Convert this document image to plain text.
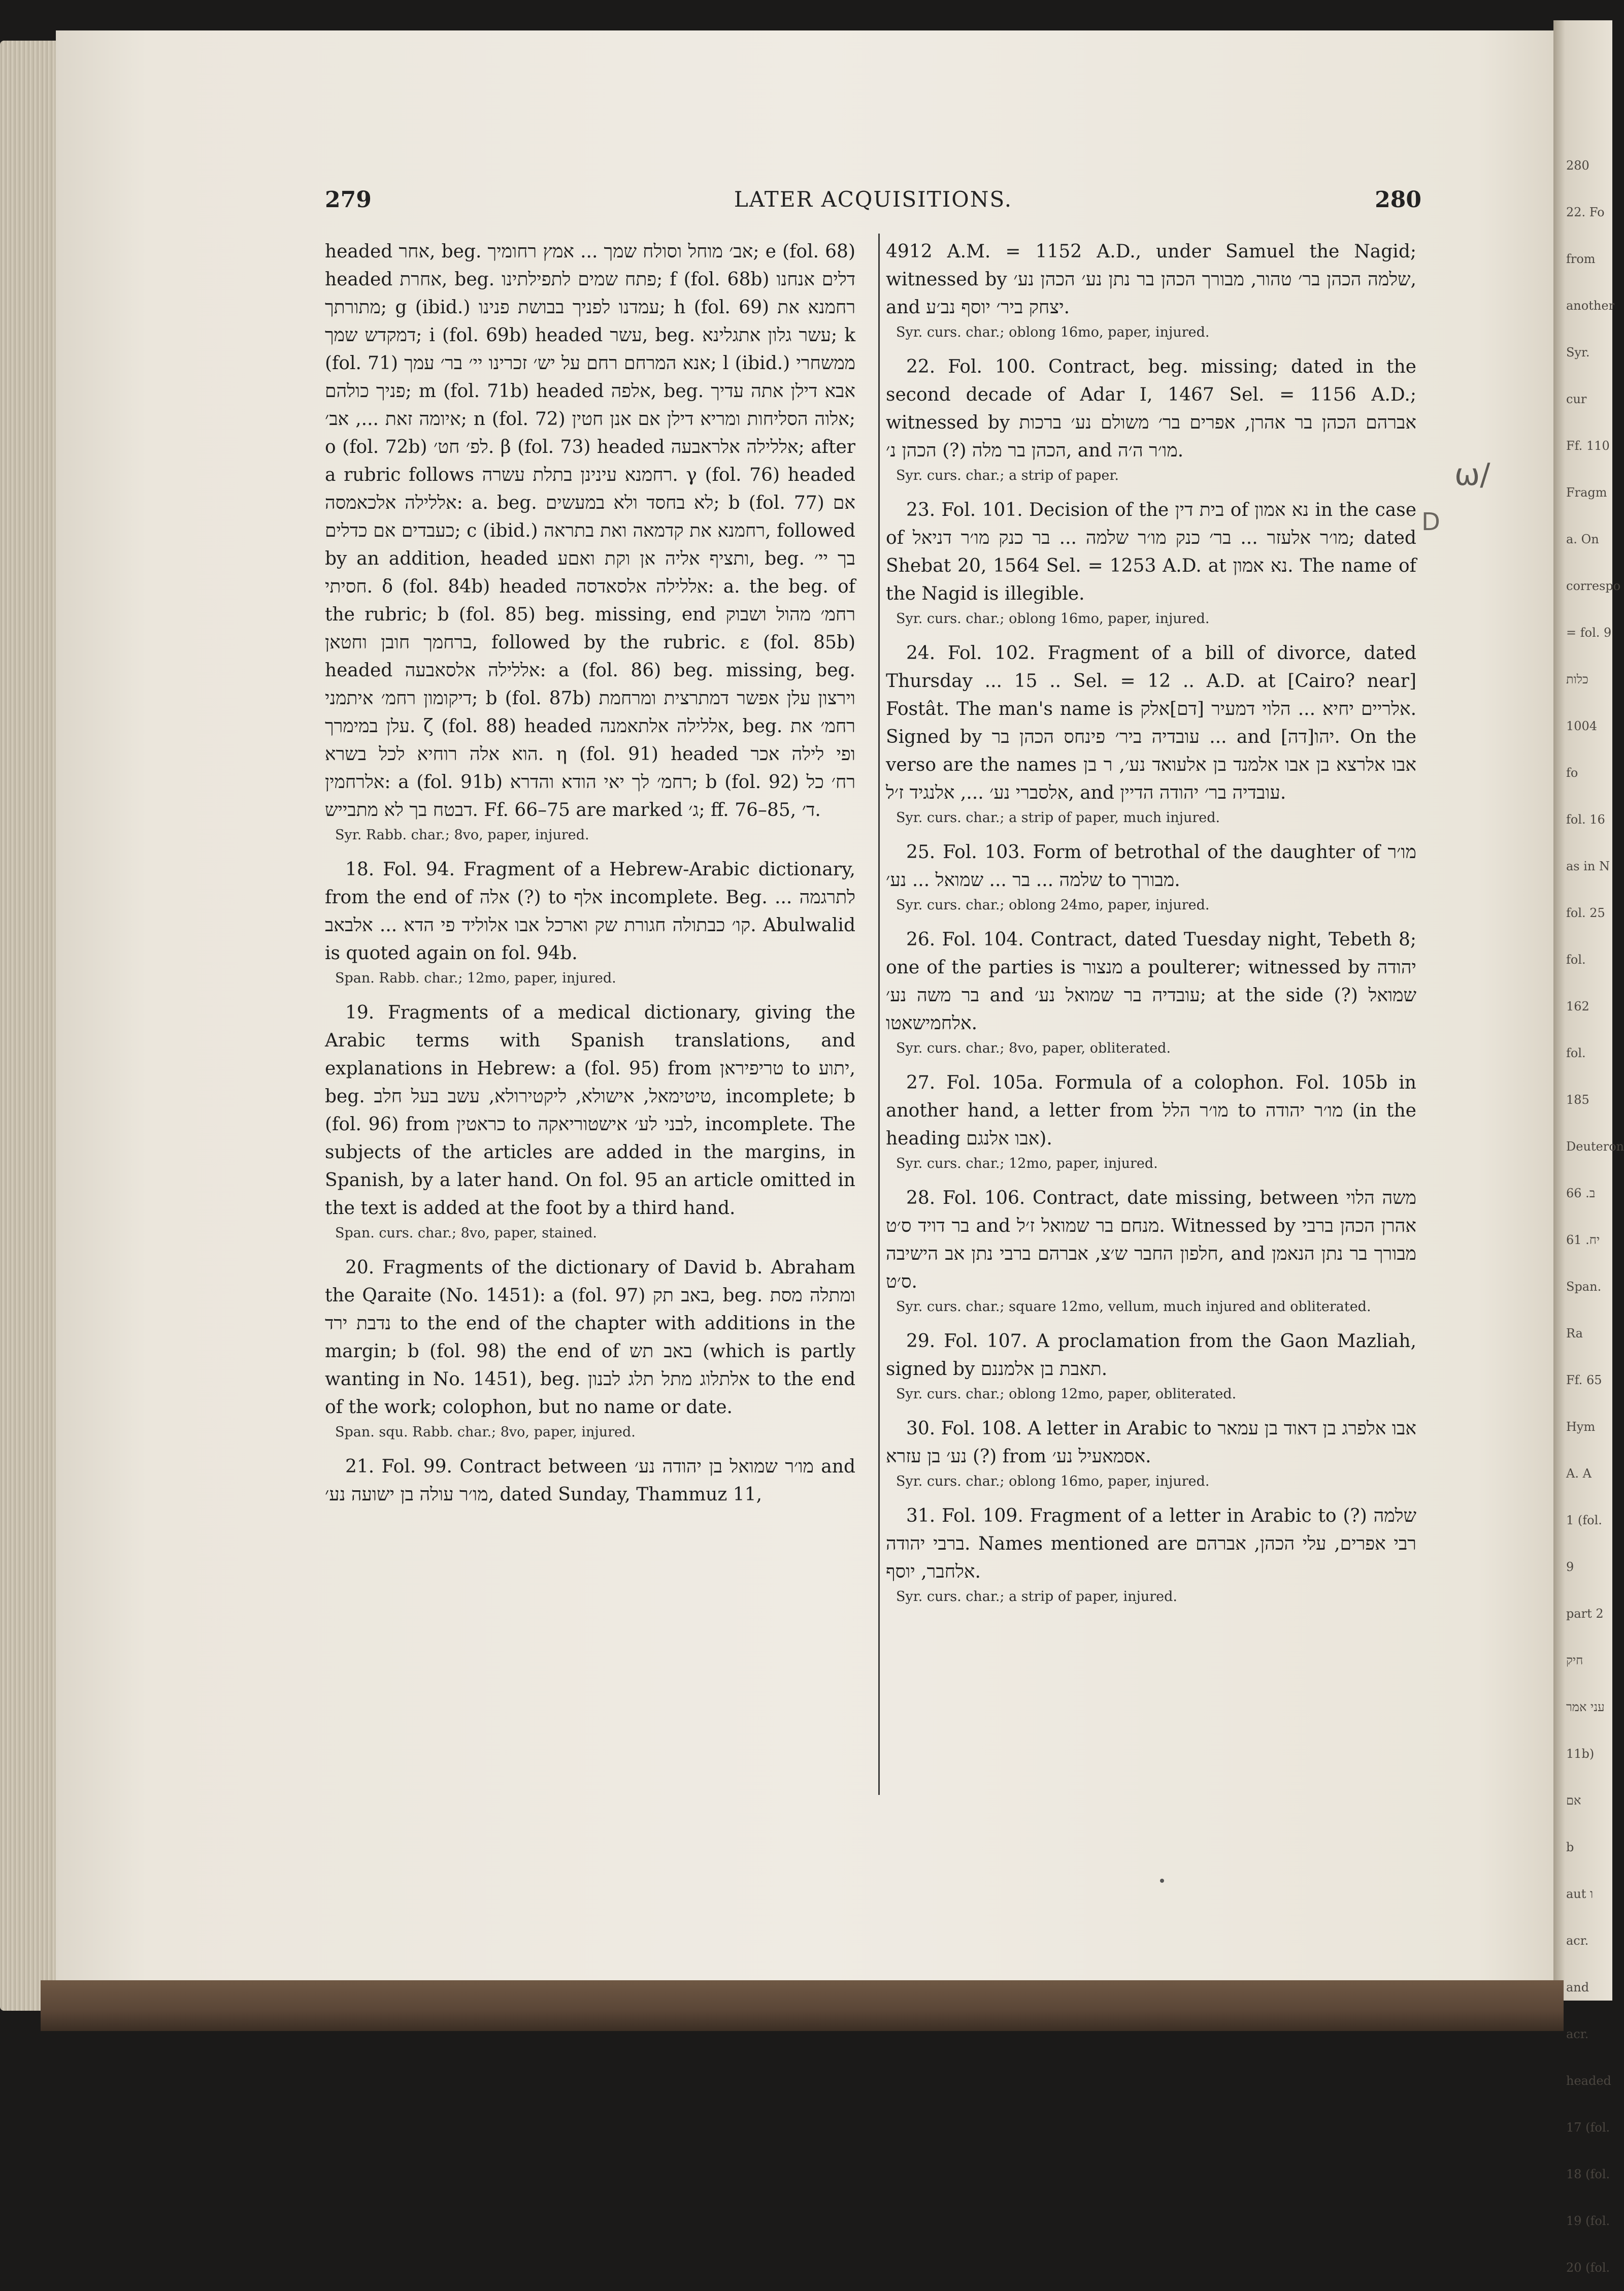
280
22. Fo
from
another
Syr. cur
Ff. 110
Fragm
a. On
correspo
= fol. 9
כלות
1004 fo
fol. 16
as in N
fol. 25
fol. 162
fol. 185
Deuteron
ב. 66
יח. 61
Span. Ra
Ff. 65
Hym
A. A
1 (fol. 9
part 2
חיק
עני אמר
11b) אם
b
aut ו
acr.
and
acr.
headed
17 (fol.
18 (fol.
19 (fol.
20 (fol.
LATER ACQUISITIONS.
279	280

headed אחר, beg. אב׳ מוחל וסולח שמך ... אמץ רחומיך; e (fol. 68) headed אחרת, beg. פתח שמים לתפילתינו; f (fol. 68b) דלים אנחנו מתורתך; g (ibid.) עמדנו לפניך בבושת פנינו; h (fol. 69) רחמנא את דמקדש שמך; i (fol. 69b) headed עשר, beg. עשר גלון אתגלינא; k (fol. 71) אנא המרחם רחם על יש׳ זכרינו יי׳ בר׳ עמך; l (ibid.) ממשחרי פניך כולהם; m (fol. 71b) headed אלפה, beg. אבא דילן אתה עדיך איומה זאת ..., אב׳; n (fol. 72) אלוה הסליחות ומריא דילן אם אנן חטין; o (fol. 72b) לפ׳ חט׳. β (fol. 73) headed אללילה אלראבעה; after a rubric follows רחמנא עינינן בתלת עשרה. γ (fol. 76) headed אללילה אלכאמסה: a. beg. לא בחסד ולא במעשים; b (fol. 77) אם כעבדים אם כדלים; c (ibid.) רחמנא את קדמאה ואת בתראה, followed by an addition, headed ותציף אליה אן וקת ואםע, beg. בך יי׳ חסיתי. δ (fol. 84b) headed אללילה אלסאדסה: a. the beg. of the rubric; b (fol. 85) beg. missing, end רחמ׳ מהול ושבוק ברחמך חובן וחטאן, followed by the rubric. ε (fol. 85b) headed אללילה אלסאבעה: a (fol. 86) beg. missing, beg. דיקומון רחמ׳ איתמני; b (fol. 87b) וירצון עלן אפשר דמתרצית ומרחמת עלן במימרך. ζ (fol. 88) headed אללילה אלתאמנה, beg. רחמ׳ את הוא אלה רוחיא לכל בשרא. η (fol. 91) headed ופי לילה אכר אלרחמין: a (fol. 91b) רחמ׳ לך יאי הודא והדרא; b (fol. 92) רח׳ כל דבטח בך לא מתבייש. Ff. 66–75 are marked ג׳; ff. 76–85, ד׳.

Syr. Rabb. char.; 8vo, paper, injured.

18. Fol. 94. Fragment of a Hebrew-Arabic dictionary, from the end of אלה (?) to אלף incomplete. Beg. ... לתרגמה קו׳ כבתולה חגורת שק וארכל אבו אלוליד פי הדא ... אלבאב. Abulwalid is quoted again on fol. 94b.

Span. Rabb. char.; 12mo, paper, injured.

19. Fragments of a medical dictionary, giving the Arabic terms with Spanish translations, and explanations in Hebrew: a (fol. 95) from טריפיראן to יתוע, beg. טיטימאל, אישולא, ליקטירולא, עשב בעל חלב, incomplete; b (fol. 96) from כראטין to לבני לע׳ אישטוריאקה, incomplete. The subjects of the articles are added in the margins, in Spanish, by a later hand. On fol. 95 an article omitted in the text is added at the foot by a third hand.

Span. curs. char.; 8vo, paper, stained.

20. Fragments of the dictionary of David b. Abraham the Qaraite (No. 1451): a (fol. 97) באב תק, beg. ומתלה מסת נדבת ירד to the end of the chapter with additions in the margin; b (fol. 98) the end of באב תש (which is partly wanting in No. 1451), beg. אלתלוג מתל תלג לבנון to the end of the work; colophon, but no name or date.

Span. squ. Rabb. char.; 8vo, paper, injured.

21. Fol. 99. Contract between מו׳ר שמואל בן יהודה נע׳ and מו׳ר עולה בן ישועה נע׳, dated Sunday, Thammuz 11,

4912 A.M. = 1152 A.D., under Samuel the Nagid; witnessed by שלמה הכהן בר׳ טהור, מבורך הכהן בר נתן נע׳ הכהן נע׳, and יצחק ביר׳ יוסף נב׳ע.

Syr. curs. char.; oblong 16mo, paper, injured.

22. Fol. 100. Contract, beg. missing; dated in the second decade of Adar I, 1467 Sel. = 1156 A.D.; witnessed by אברהם הכהן בר אהרן, אפרים בר׳ משולם נע׳ ברכות הכהן בר מלה (?) הכהן נ׳, and מו׳ר ה׳ה.

Syr. curs. char.; a strip of paper.

23. Fol. 101. Decision of the בית דין of נא אמון in the case of מו׳ר אלעזר ... בר׳ כנק מו׳ר שלמה ... בר כנק מו׳ר דניאל; dated Shebat 20, 1564 Sel. = 1253 A.D. at נא אמון. The name of the Nagid is illegible.

Syr. curs. char.; oblong 16mo, paper, injured.

24. Fol. 102. Fragment of a bill of divorce, dated Thursday ... 15 .. Sel. = 12 .. A.D. at [Cairo? near] Fostât. The man's name is אלריים יחיא ... הלוי דמעיר [דם]אלק. Signed by עובדיה ביר׳ פינחס הכהן בר ... and [דה]יהו. On the verso are the names אבו אלרצא בן אבו אלמנד בן אלעואד נע׳, ר בן אלסברי נע׳ ..., אלנגיד ז׳ל, and עובדיה בר׳ יהודה הדיין.

Syr. curs. char.; a strip of paper, much injured.

25. Fol. 103. Form of betrothal of the daughter of מו׳ר שלמה ... בר ... שמואל ... נע׳ to מבורך.

Syr. curs. char.; oblong 24mo, paper, injured.

26. Fol. 104. Contract, dated Tuesday night, Tebeth 8; one of the parties is מנצור a poulterer; witnessed by יהודה בר משה נע׳ and עובדיה בר שמואל נע׳; at the side (?) שמואל אלחמישאטו.

Syr. curs. char.; 8vo, paper, obliterated.

27. Fol. 105a. Formula of a colophon. Fol. 105b in another hand, a letter from מו׳ר הלל to מו׳ר יהודה (in the heading אבו אלנגם).

Syr. curs. char.; 12mo, paper, injured.

28. Fol. 106. Contract, date missing, between משה הלוי בר דויד ס׳ט and מנחם בר שמואל ז׳ל. Witnessed by אהרן הכהן ברבי חלפון החבר ש׳צ, אברהם ברבי נתן אב הישיבה, and מבורך בר נתן הנאמן ס׳ט.

Syr. curs. char.; square 12mo, vellum, much injured and obliterated.

29. Fol. 107. A proclamation from the Gaon Mazliah, signed by תאבת בן אלמננם.

Syr. curs. char.; oblong 12mo, paper, obliterated.

30. Fol. 108. A letter in Arabic to אבו אלפרג בן דאוד בן עמאר נע׳ בן עזרא (?) from אסמאעיל נע׳.

Syr. curs. char.; oblong 16mo, paper, injured.

31. Fol. 109. Fragment of a letter in Arabic to (?) שלמה ברבי יהודה. Names mentioned are רבי אפרים, עלי הכהן, אברהם אלחבר, יוסף.

Syr. curs. char.; a strip of paper, injured.
ω/
D
